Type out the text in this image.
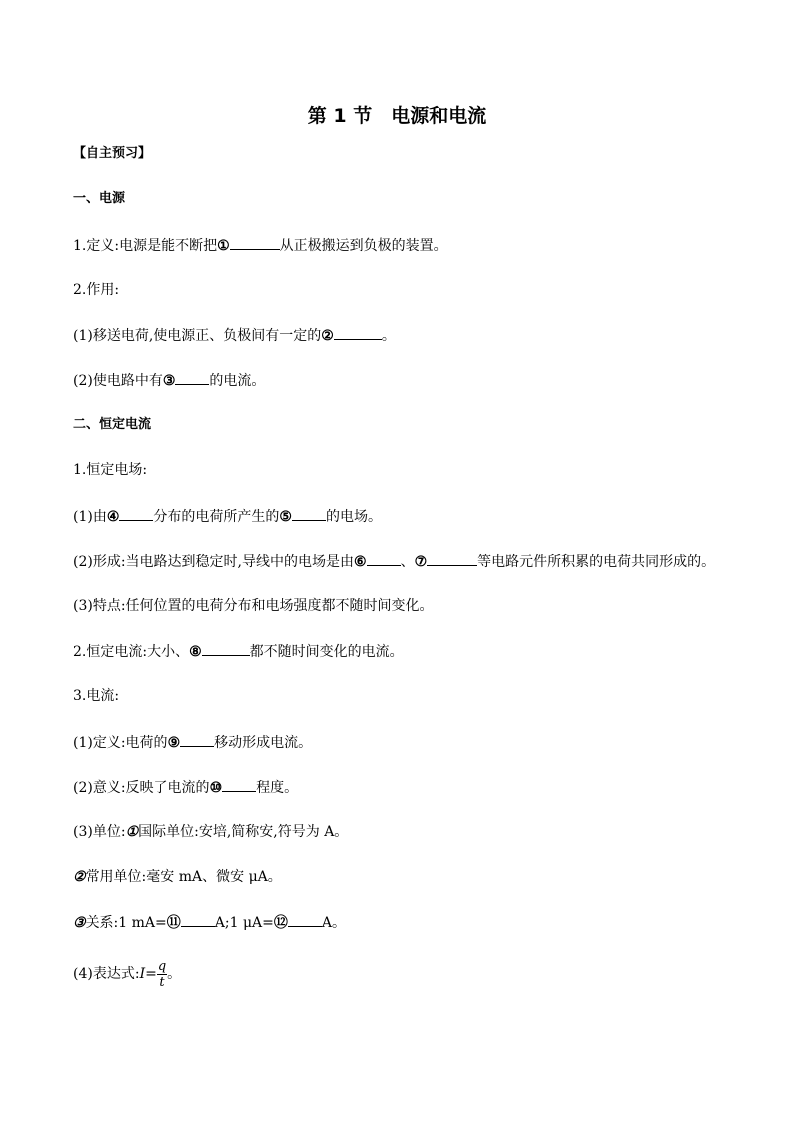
第 1 节　电源和电流
【自主预习】
一、电源
1.定义:电源是能不断把①	从正极搬运到负极的装置。
2.作用:
(1)移送电荷,使电源正、负极间有一定的②	。
(2)使电路中有③ 的电流。
二、恒定电流
1.恒定电场:
(1)由④ 分布的电荷所产生的⑤ 的电场。
(2)形成:当电路达到稳定时,导线中的电场是由⑥ 、⑦	等电路元件所积累的电荷共同形成的。
(3)特点:任何位置的电荷分布和电场强度都不随时间变化。
2.恒定电流:大小、⑧	都不随时间变化的电流。
3.电流:
(1)定义:电荷的⑨ 移动形成电流。
(2)意义:反映了电流的⑩ 程度。
(3)单位:①国际单位:安培,简称安,符号为 A。
②常用单位:毫安 mA、微安 μA。
③关系:1 mA=⑪ A;1 μA=⑫ A。
(4)表达式:I= $\frac{q}{t}$ 。
